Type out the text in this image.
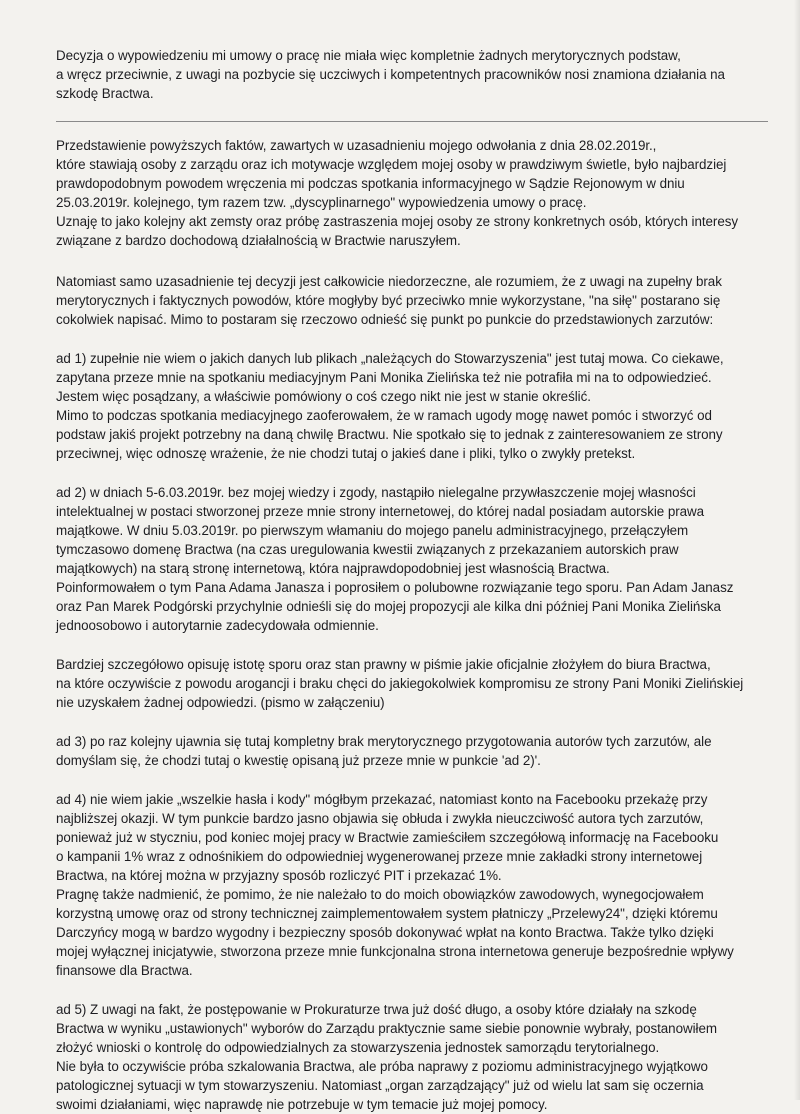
Decyzja o wypowiedzeniu mi umowy o pracę nie miała więc kompletnie żadnych merytorycznych podstaw,
a wręcz przeciwnie, z uwagi na pozbycie się uczciwych i kompetentnych pracowników nosi znamiona działania na
szkodę Bractwa.
Przedstawienie powyższych faktów, zawartych w uzasadnieniu mojego odwołania z dnia 28.02.2019r.,
które stawiają osoby z zarządu oraz ich motywacje względem mojej osoby w prawdziwym świetle, było najbardziej
prawdopodobnym powodem wręczenia mi podczas spotkania informacyjnego w Sądzie Rejonowym w dniu
25.03.2019r. kolejnego, tym razem tzw. „dyscyplinarnego" wypowiedzenia umowy o pracę.
Uznaję to jako kolejny akt zemsty oraz próbę zastraszenia mojej osoby ze strony konkretnych osób, których interesy
związane z bardzo dochodową działalnością w Bractwie naruszyłem.
Natomiast samo uzasadnienie tej decyzji jest całkowicie niedorzeczne, ale rozumiem, że z uwagi na zupełny brak
merytorycznych i faktycznych powodów, które mogłyby być przeciwko mnie wykorzystane, "na siłę" postarano się
cokolwiek napisać. Mimo to postaram się rzeczowo odnieść się punkt po punkcie do przedstawionych zarzutów:
ad 1) zupełnie nie wiem o jakich danych lub plikach „należących do Stowarzyszenia" jest tutaj mowa. Co ciekawe,
zapytana przeze mnie na spotkaniu mediacyjnym Pani Monika Zielińska też nie potrafiła mi na to odpowiedzieć.
Jestem więc posądzany, a właściwie pomówiony o coś czego nikt nie jest w stanie określić.
Mimo to podczas spotkania mediacyjnego zaoferowałem, że w ramach ugody mogę nawet pomóc i stworzyć od
podstaw jakiś projekt potrzebny na daną chwilę Bractwu. Nie spotkało się to jednak z zainteresowaniem ze strony
przeciwnej, więc odnoszę wrażenie, że nie chodzi tutaj o jakieś dane i pliki, tylko o zwykły pretekst.
ad 2) w dniach 5-6.03.2019r. bez mojej wiedzy i zgody, nastąpiło nielegalne przywłaszczenie mojej własności
intelektualnej w postaci stworzonej przeze mnie strony internetowej, do której nadal posiadam autorskie prawa
majątkowe. W dniu 5.03.2019r. po pierwszym włamaniu do mojego panelu administracyjnego, przełączyłem
tymczasowo domenę Bractwa (na czas uregulowania kwestii związanych z przekazaniem autorskich praw
majątkowych) na starą stronę internetową, która najprawdopodobniej jest własnością Bractwa.
Poinformowałem o tym Pana Adama Janasza i poprosiłem o polubowne rozwiązanie tego sporu. Pan Adam Janasz
oraz Pan Marek Podgórski przychylnie odnieśli się do mojej propozycji ale kilka dni później Pani Monika Zielińska
jednoosobowo i autorytarnie zadecydowała odmiennie.
Bardziej szczegółowo opisuję istotę sporu oraz stan prawny w piśmie jakie oficjalnie złożyłem do biura Bractwa,
na które oczywiście z powodu arogancji i braku chęci do jakiegokolwiek kompromisu ze strony Pani Moniki Zielińskiej
nie uzyskałem żadnej odpowiedzi. (pismo w załączeniu)
ad 3) po raz kolejny ujawnia się tutaj kompletny brak merytorycznego przygotowania autorów tych zarzutów, ale
domyślam się, że chodzi tutaj o kwestię opisaną już przeze mnie w punkcie 'ad 2)'.
ad 4) nie wiem jakie „wszelkie hasła i kody" mógłbym przekazać, natomiast konto na Facebooku przekażę przy
najbliższej okazji. W tym punkcie bardzo jasno objawia się obłuda i zwykła nieuczciwość autora tych zarzutów,
ponieważ już w styczniu, pod koniec mojej pracy w Bractwie zamieściłem szczegółową informację na Facebooku
o kampanii 1% wraz z odnośnikiem do odpowiedniej wygenerowanej przeze mnie zakładki strony internetowej
Bractwa, na której można w przyjazny sposób rozliczyć PIT i przekazać 1%.
Pragnę także nadmienić, że pomimo, że nie należało to do moich obowiązków zawodowych, wynegocjowałem
korzystną umowę oraz od strony technicznej zaimplementowałem system płatniczy „Przelewy24", dzięki któremu
Darczyńcy mogą w bardzo wygodny i bezpieczny sposób dokonywać wpłat na konto Bractwa. Także tylko dzięki
mojej wyłącznej inicjatywie, stworzona przeze mnie funkcjonalna strona internetowa generuje bezpośrednie wpływy
finansowe dla Bractwa.
ad 5) Z uwagi na fakt, że postępowanie w Prokuraturze trwa już dość długo, a osoby które działały na szkodę
Bractwa w wyniku „ustawionych" wyborów do Zarządu praktycznie same siebie ponownie wybrały, postanowiłem
złożyć wnioski o kontrolę do odpowiedzialnych za stowarzyszenia jednostek samorządu terytorialnego.
Nie była to oczywiście próba szkalowania Bractwa, ale próba naprawy z poziomu administracyjnego wyjątkowo
patologicznej sytuacji w tym stowarzyszeniu. Natomiast „organ zarządzający" już od wielu lat sam się oczernia
swoimi działaniami, więc naprawdę nie potrzebuje w tym temacie już mojej pomocy.
